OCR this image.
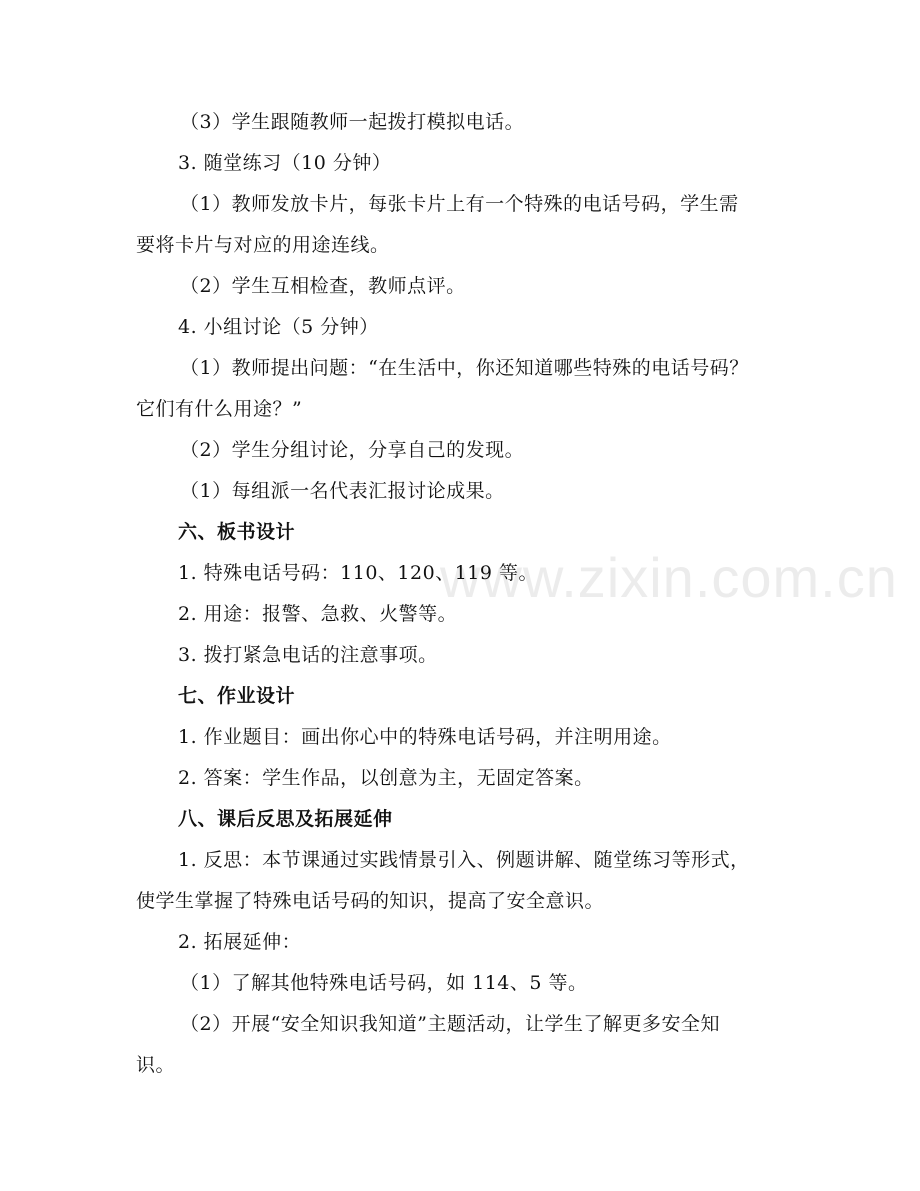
www.zixin.com.cn
（3）学生跟随教师一起拨打模拟电话。
3. 随堂练习（10 分钟）
（1）教师发放卡片，每张卡片上有一个特殊的电话号码，学生需
要将卡片与对应的用途连线。
（2）学生互相检查，教师点评。
4. 小组讨论（5 分钟）
（1）教师提出问题：“在生活中，你还知道哪些特殊的电话号码？
它们有什么用途？”
（2）学生分组讨论，分享自己的发现。
（1）每组派一名代表汇报讨论成果。
六、板书设计
1. 特殊电话号码：110、120、119 等。
2. 用途：报警、急救、火警等。
3. 拨打紧急电话的注意事项。
七、作业设计
1. 作业题目：画出你心中的特殊电话号码，并注明用途。
2. 答案：学生作品，以创意为主，无固定答案。
八、课后反思及拓展延伸
1. 反思：本节课通过实践情景引入、例题讲解、随堂练习等形式，
使学生掌握了特殊电话号码的知识，提高了安全意识。
2. 拓展延伸：
（1）了解其他特殊电话号码，如 114、5 等。
（2）开展“安全知识我知道”主题活动，让学生了解更多安全知
识。
